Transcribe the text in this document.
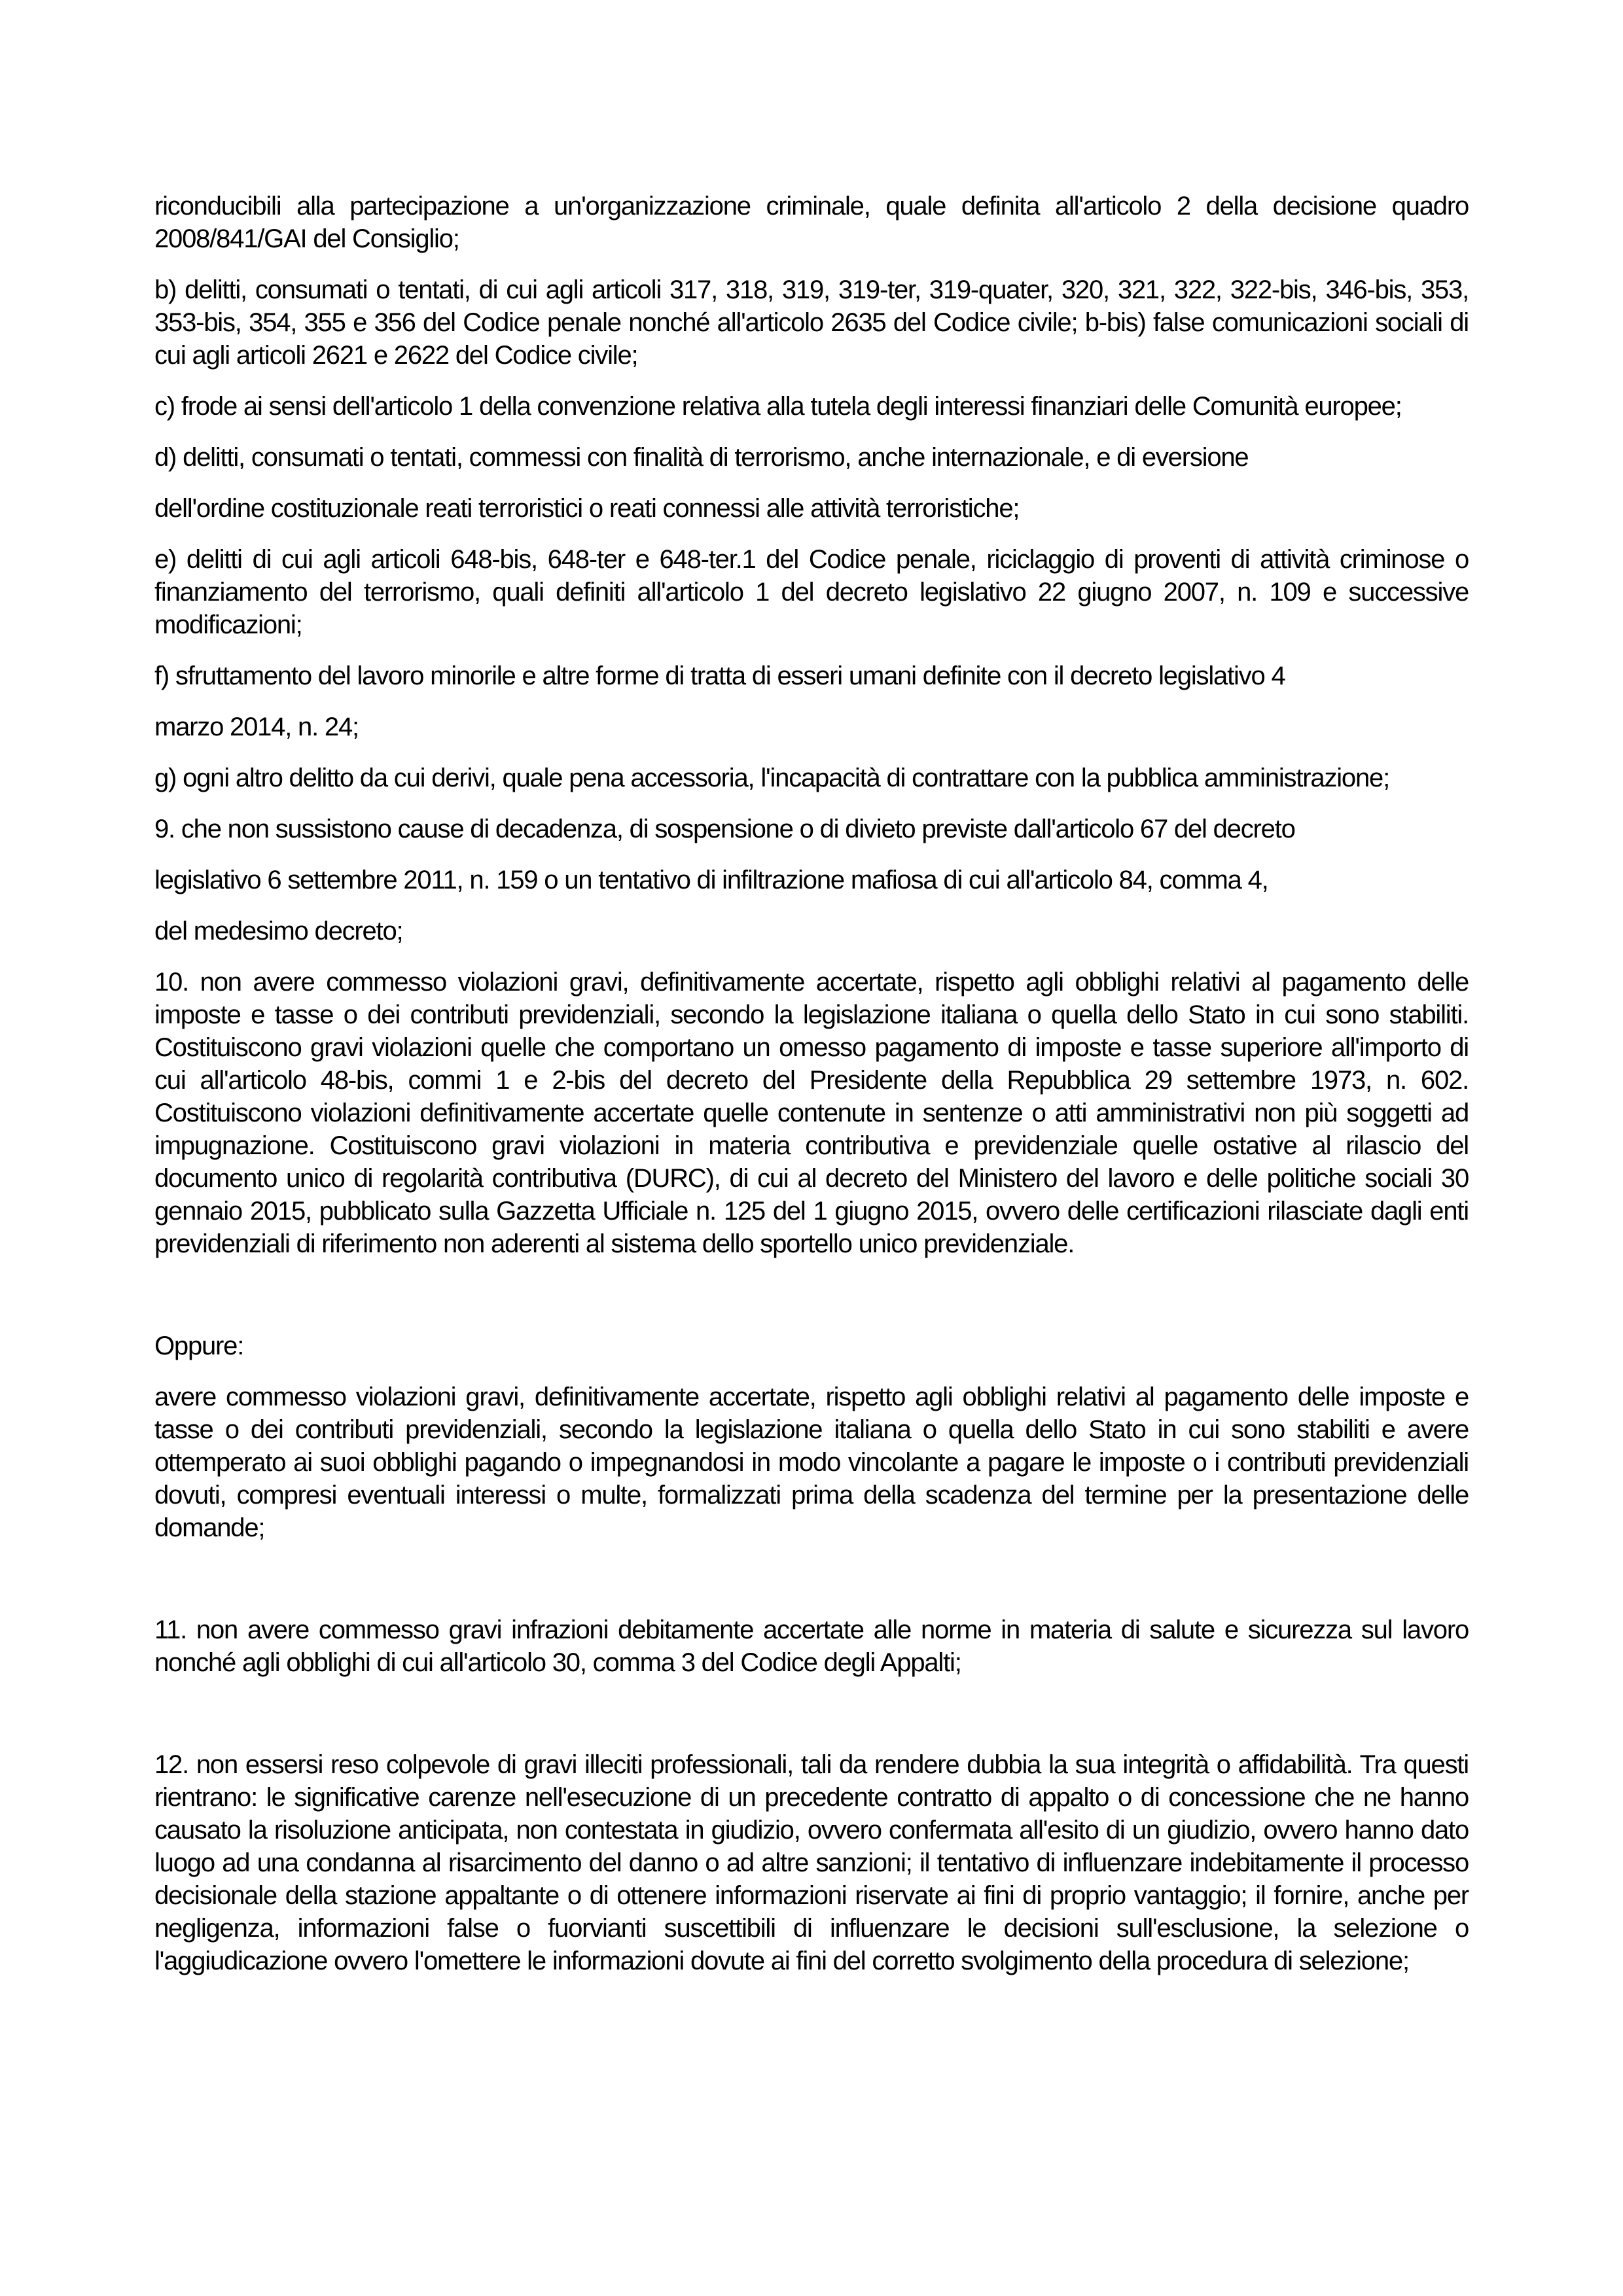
riconducibili alla partecipazione a un'organizzazione criminale, quale definita all'articolo 2 della decisione quadro 2008/841/GAI del Consiglio;

b) delitti, consumati o tentati, di cui agli articoli 317, 318, 319, 319-ter, 319-quater, 320, 321, 322, 322-bis, 346-bis, 353, 353-bis, 354, 355 e 356 del Codice penale nonché all'articolo 2635 del Codice civile; b-bis) false comunicazioni sociali di cui agli articoli 2621 e 2622 del Codice civile;

c) frode ai sensi dell'articolo 1 della convenzione relativa alla tutela degli interessi finanziari delle Comunità europee;

d) delitti, consumati o tentati, commessi con finalità di terrorismo, anche internazionale, e di eversione

dell'ordine costituzionale reati terroristici o reati connessi alle attività terroristiche;

e) delitti di cui agli articoli 648-bis, 648-ter e 648-ter.1 del Codice penale, riciclaggio di proventi di attività criminose o finanziamento del terrorismo, quali definiti all'articolo 1 del decreto legislativo 22 giugno 2007, n. 109 e successive modificazioni;

f) sfruttamento del lavoro minorile e altre forme di tratta di esseri umani definite con il decreto legislativo 4

marzo 2014, n. 24;

g) ogni altro delitto da cui derivi, quale pena accessoria, l'incapacità di contrattare con la pubblica amministrazione;

9. che non sussistono cause di decadenza, di sospensione o di divieto previste dall'articolo 67 del decreto

legislativo 6 settembre 2011, n. 159 o un tentativo di infiltrazione mafiosa di cui all'articolo 84, comma 4,

del medesimo decreto;

10. non avere commesso violazioni gravi, definitivamente accertate, rispetto agli obblighi relativi al pagamento delle imposte e tasse o dei contributi previdenziali, secondo la legislazione italiana o quella dello Stato in cui sono stabiliti. Costituiscono gravi violazioni quelle che comportano un omesso pagamento di imposte e tasse superiore all'importo di cui all'articolo 48-bis, commi 1 e 2-bis del decreto del Presidente della Repubblica 29 settembre 1973, n. 602. Costituiscono violazioni definitivamente accertate quelle contenute in sentenze o atti amministrativi non più soggetti ad impugnazione. Costituiscono gravi violazioni in materia contributiva e previdenziale quelle ostative al rilascio del documento unico di regolarità contributiva (DURC), di cui al decreto del Ministero del lavoro e delle politiche sociali 30 gennaio 2015, pubblicato sulla Gazzetta Ufficiale n. 125 del 1 giugno 2015, ovvero delle certificazioni rilasciate dagli enti previdenziali di riferimento non aderenti al sistema dello sportello unico previdenziale.

Oppure:

avere commesso violazioni gravi, definitivamente accertate, rispetto agli obblighi relativi al pagamento delle imposte e tasse o dei contributi previdenziali, secondo la legislazione italiana o quella dello Stato in cui sono stabiliti e avere ottemperato ai suoi obblighi pagando o impegnandosi in modo vincolante a pagare le imposte o i contributi previdenziali dovuti, compresi eventuali interessi o multe, formalizzati prima della scadenza del termine per la presentazione delle domande;

11. non avere commesso gravi infrazioni debitamente accertate alle norme in materia di salute e sicurezza sul lavoro nonché agli obblighi di cui all'articolo 30, comma 3 del Codice degli Appalti;

12. non essersi reso colpevole di gravi illeciti professionali, tali da rendere dubbia la sua integrità o affidabilità. Tra questi rientrano: le significative carenze nell'esecuzione di un precedente contratto di appalto o di concessione che ne hanno causato la risoluzione anticipata, non contestata in giudizio, ovvero confermata all'esito di un giudizio, ovvero hanno dato luogo ad una condanna al risarcimento del danno o ad altre sanzioni; il tentativo di influenzare indebitamente il processo decisionale della stazione appaltante o di ottenere informazioni riservate ai fini di proprio vantaggio; il fornire, anche per negligenza, informazioni false o fuorvianti suscettibili di influenzare le decisioni sull'esclusione, la selezione o l'aggiudicazione ovvero l'omettere le informazioni dovute ai fini del corretto svolgimento della procedura di selezione;
